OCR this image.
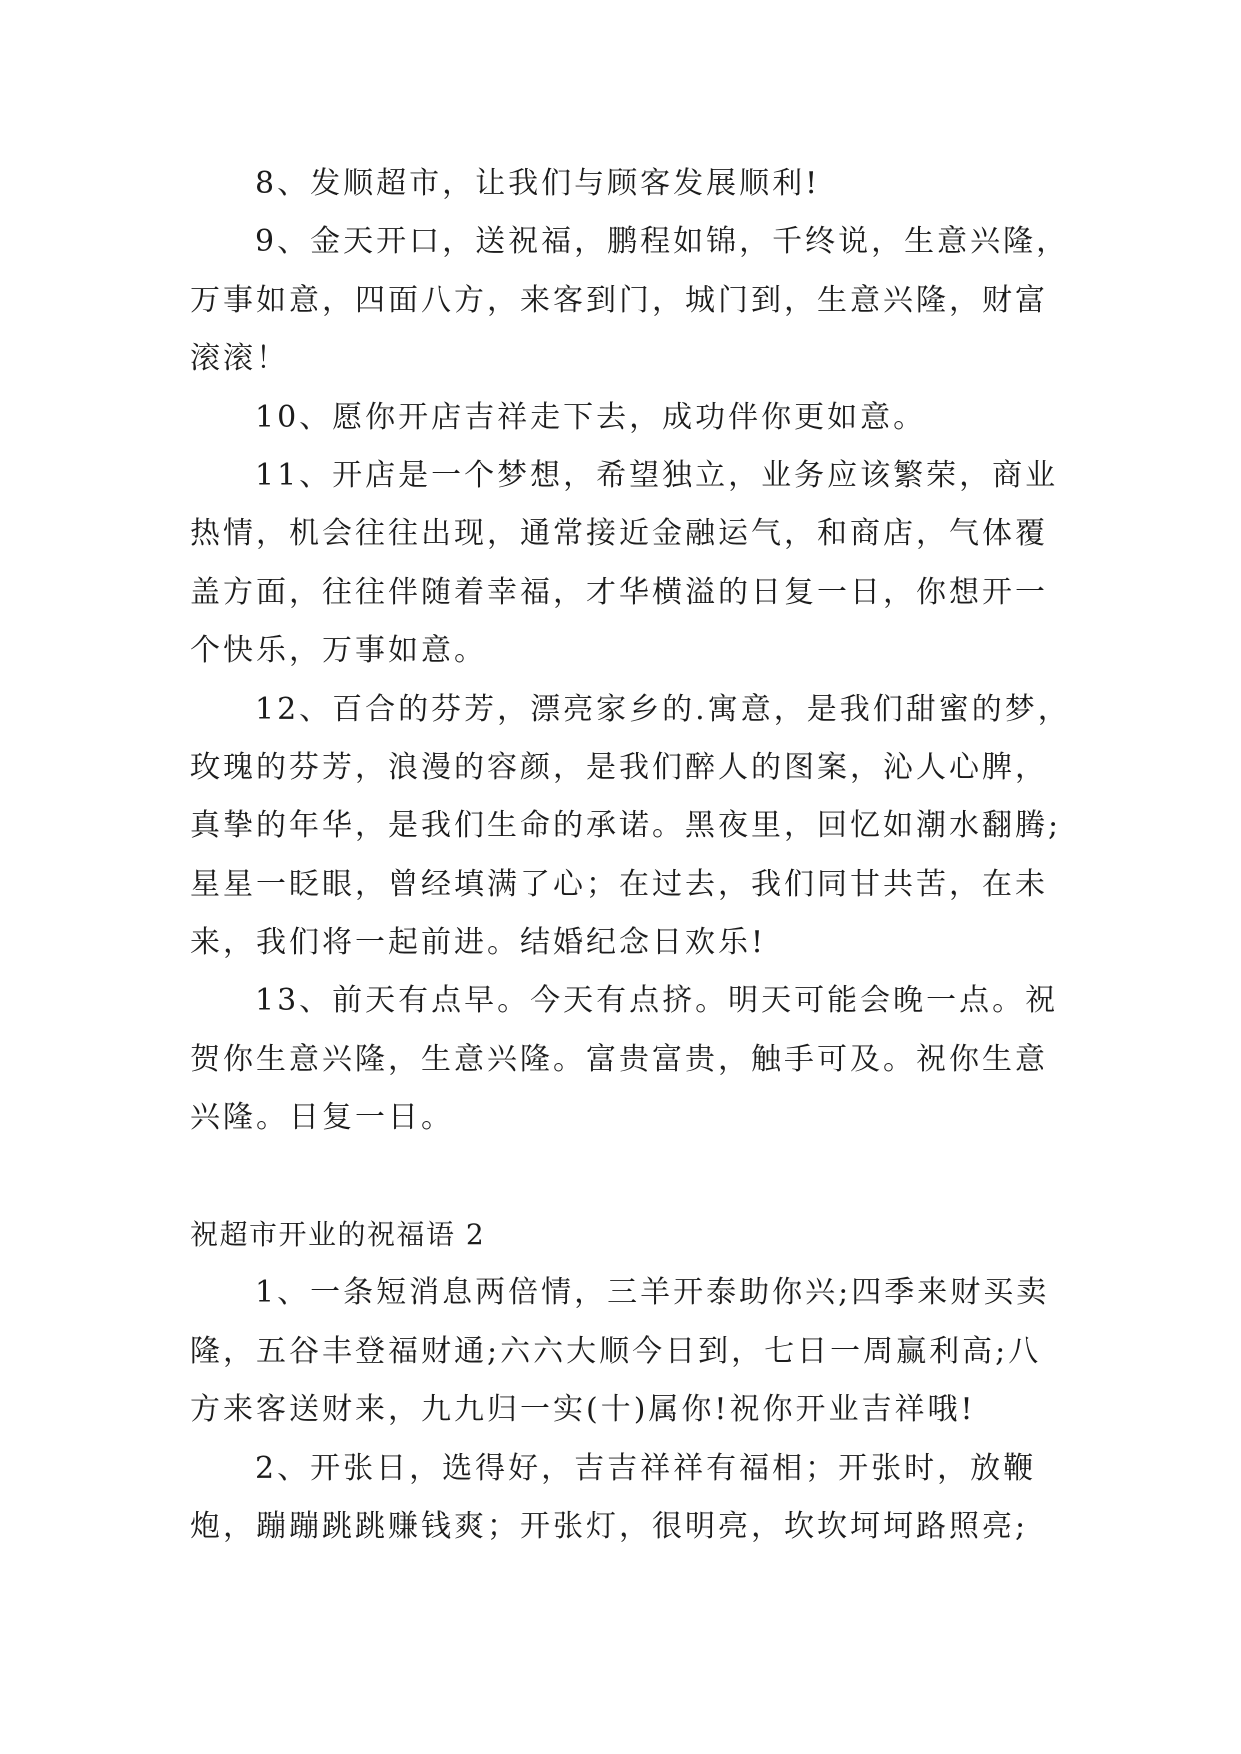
8、发顺超市，让我们与顾客发展顺利!
9、金天开口，送祝福，鹏程如锦，千终说，生意兴隆，
万事如意，四面八方，来客到门，城门到，生意兴隆，财富
滚滚！
10、愿你开店吉祥走下去，成功伴你更如意。
11、开店是一个梦想，希望独立，业务应该繁荣，商业
热情，机会往往出现，通常接近金融运气，和商店，气体覆
盖方面，往往伴随着幸福，才华横溢的日复一日，你想开一
个快乐，万事如意。
12、百合的芬芳，漂亮家乡的.寓意，是我们甜蜜的梦，
玫瑰的芬芳，浪漫的容颜，是我们醉人的图案，沁人心脾，
真挚的年华，是我们生命的承诺。黑夜里，回忆如潮水翻腾;
星星一眨眼，曾经填满了心；在过去，我们同甘共苦，在未
来，我们将一起前进。结婚纪念日欢乐!
13、前天有点早。今天有点挤。明天可能会晚一点。祝
贺你生意兴隆，生意兴隆。富贵富贵，触手可及。祝你生意
兴隆。日复一日。
祝超市开业的祝福语 2
1、一条短消息两倍情，三羊开泰助你兴;四季来财买卖
隆，五谷丰登福财通;六六大顺今日到，七日一周赢利高;八
方来客送财来，九九归一实(十)属你!祝你开业吉祥哦!
2、开张日，选得好，吉吉祥祥有福相；开张时，放鞭
炮，蹦蹦跳跳赚钱爽；开张灯，很明亮，坎坎坷坷路照亮;
